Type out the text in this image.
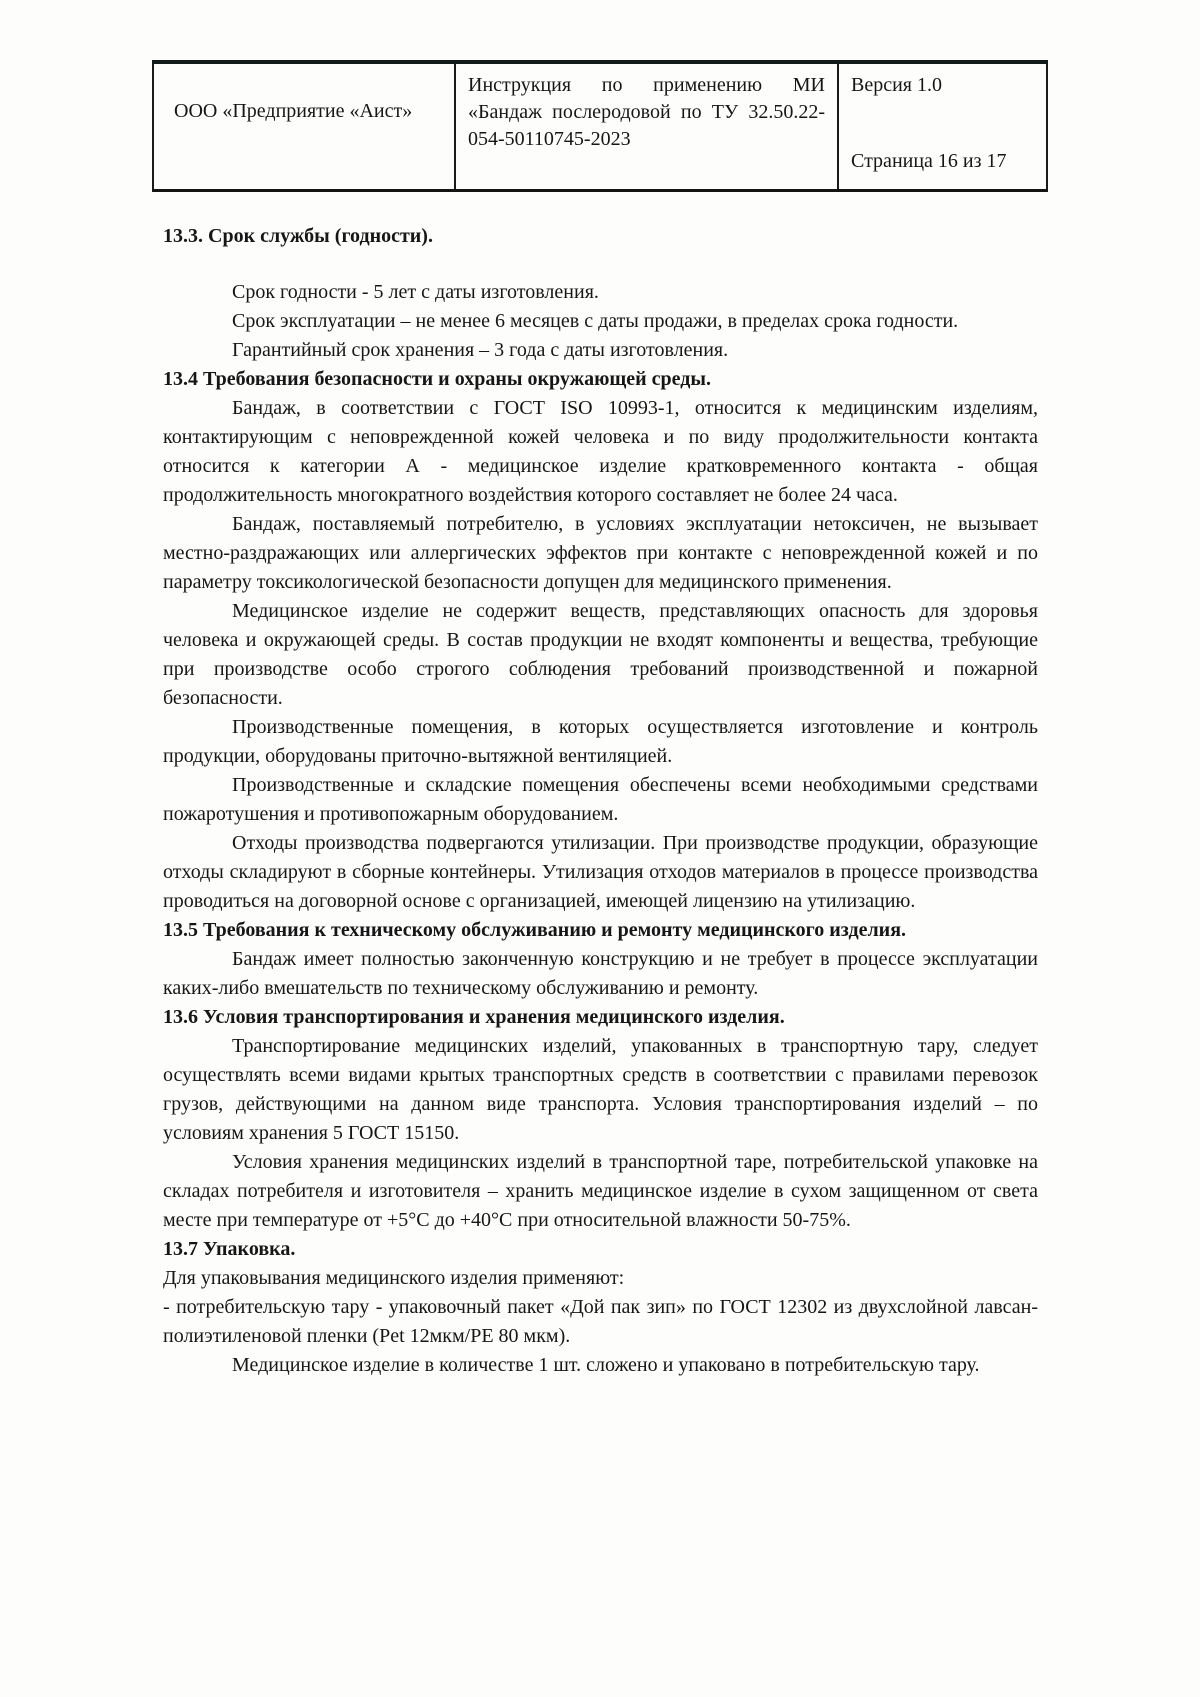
ООО «Предприятие «Аист»
Инструкция по применению МИ «Бандаж послеродовой по ТУ 32.50.22-054-50110745-2023
Версия 1.0
Страница 16 из 17
13.3. Срок службы (годности).

Срок годности - 5 лет с даты изготовления.

Срок эксплуатации – не менее 6 месяцев с даты продажи, в пределах срока годности.

Гарантийный срок хранения – 3 года с даты изготовления.

13.4 Требования безопасности и охраны окружающей среды.

Бандаж, в соответствии с ГОСТ ISO 10993-1, относится к медицинским изделиям, контактирующим с неповрежденной кожей человека и по виду продолжительности контакта относится к категории А - медицинское изделие кратковременного контакта - общая продолжительность многократного воздействия которого составляет не более 24 часа.

Бандаж, поставляемый потребителю, в условиях эксплуатации нетоксичен, не вызывает местно-раздражающих или аллергических эффектов при контакте с неповрежденной кожей и по параметру токсикологической безопасности допущен для медицинского применения.

Медицинское изделие не содержит веществ, представляющих опасность для здоровья человека и окружающей среды. В состав продукции не входят компоненты и вещества, требующие при производстве особо строгого соблюдения требований производственной и пожарной безопасности.

Производственные помещения, в которых осуществляется изготовление и контроль продукции, оборудованы приточно-вытяжной вентиляцией.

Производственные и складские помещения обеспечены всеми необходимыми средствами пожаротушения и противопожарным оборудованием.

Отходы производства подвергаются утилизации. При производстве продукции, образующие отходы складируют в сборные контейнеры. Утилизация отходов материалов в процессе производства проводиться на договорной основе с организацией, имеющей лицензию на утилизацию.

13.5 Требования к техническому обслуживанию и ремонту медицинского изделия.

Бандаж имеет полностью законченную конструкцию и не требует в процессе эксплуатации каких-либо вмешательств по техническому обслуживанию и ремонту.

13.6 Условия транспортирования и хранения медицинского изделия.

Транспортирование медицинских изделий, упакованных в транспортную тару, следует осуществлять всеми видами крытых транспортных средств в соответствии с правилами перевозок грузов, действующими на данном виде транспорта. Условия транспортирования изделий – по условиям хранения 5 ГОСТ 15150.

Условия хранения медицинских изделий в транспортной таре, потребительской упаковке на складах потребителя и изготовителя – хранить медицинское изделие в сухом защищенном от света месте при температуре от +5°С до +40°С при относительной влажности 50-75%.

13.7 Упаковка.

Для упаковывания медицинского изделия применяют:

- потребительскую тару - упаковочный пакет «Дой пак зип» по ГОСТ 12302 из двухслойной лавсан-полиэтиленовой пленки (Pet 12мкм/РЕ 80 мкм).

Медицинское изделие в количестве 1 шт. сложено и упаковано в потребительскую тару.
